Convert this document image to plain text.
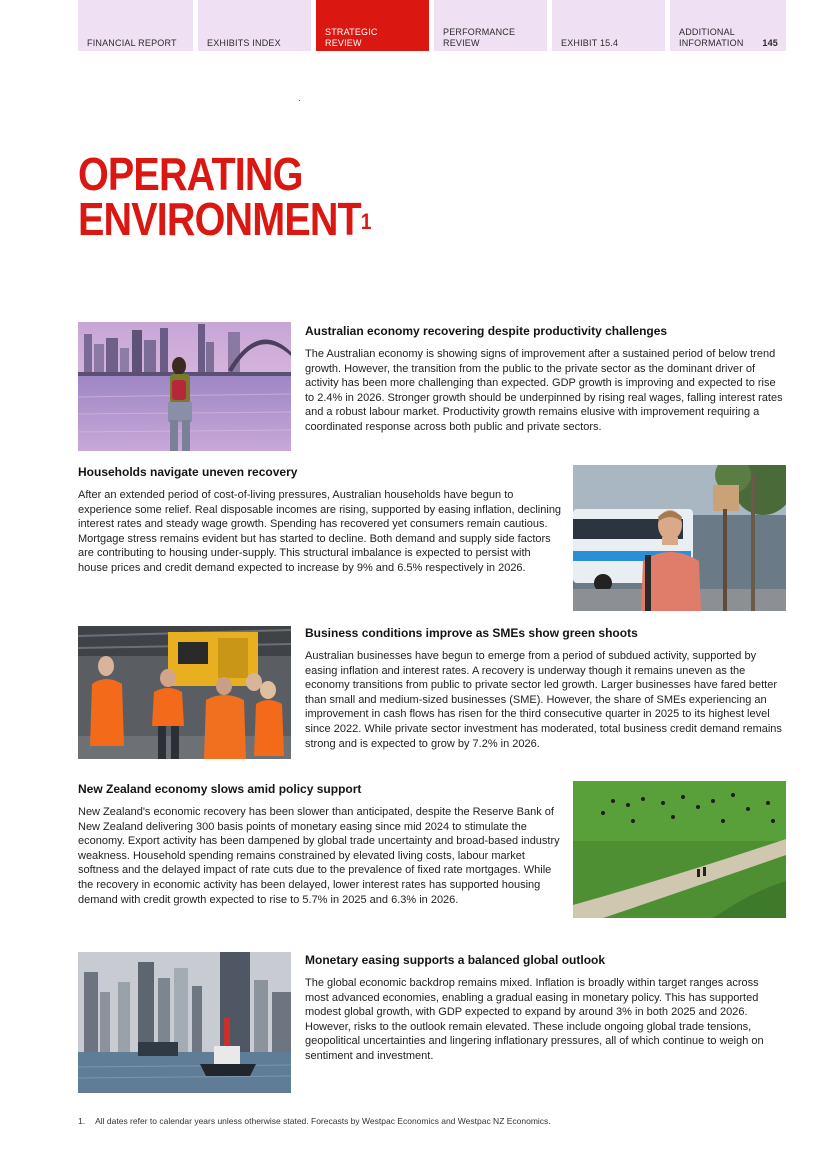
FINANCIAL REPORT	EXHIBITS INDEX
STRATEGIC REVIEW
PERFORMANCE REVIEW	EXHIBIT 15.4
ADDITIONAL INFORMATION 145
OPERATING
ENVIRONMENT$^1$
Australian economy recovering despite productivity challenges

The Australian economy is showing signs of improvement after a sustained period of below trend growth. However, the transition from the public to the private sector as the dominant driver of activity has been more challenging than expected. GDP growth is improving and expected to rise to 2.4% in 2026. Stronger growth should be underpinned by rising real wages, falling interest rates and a robust labour market. Productivity growth remains elusive with improvement requiring a coordinated response across both public and private sectors.

Households navigate uneven recovery

After an extended period of cost-of-living pressures, Australian households have begun to experience some relief. Real disposable incomes are rising, supported by easing inflation, declining interest rates and steady wage growth. Spending has recovered yet consumers remain cautious. Mortgage stress remains evident but has started to decline. Both demand and supply side factors are contributing to housing under-supply. This structural imbalance is expected to persist with house prices and credit demand expected to increase by 9% and 6.5% respectively in 2026.

Business conditions improve as SMEs show green shoots

Australian businesses have begun to emerge from a period of subdued activity, supported by easing inflation and interest rates. A recovery is underway though it remains uneven as the economy transitions from public to private sector led growth. Larger businesses have fared better than small and medium-sized businesses (SME). However, the share of SMEs experiencing an improvement in cash flows has risen for the third consecutive quarter in 2025 to its highest level since 2022. While private sector investment has moderated, total business credit demand remains strong and is expected to grow by 7.2% in 2026.

New Zealand economy slows amid policy support

New Zealand's economic recovery has been slower than anticipated, despite the Reserve Bank of New Zealand delivering 300 basis points of monetary easing since mid 2024 to stimulate the economy. Export activity has been dampened by global trade uncertainty and broad-based industry weakness. Household spending remains constrained by elevated living costs, labour market softness and the delayed impact of rate cuts due to the prevalence of fixed rate mortgages. While the recovery in economic activity has been delayed, lower interest rates has supported housing demand with credit growth expected to rise to 5.7% in 2025 and 6.3% in 2026.

Monetary easing supports a balanced global outlook

The global economic backdrop remains mixed. Inflation is broadly within target ranges across most advanced economies, enabling a gradual easing in monetary policy. This has supported modest global growth, with GDP expected to expand by around 3% in both 2025 and 2026. However, risks to the outlook remain elevated. These include ongoing global trade tensions, geopolitical uncertainties and lingering inflationary pressures, all of which continue to weigh on sentiment and investment.

1. All dates refer to calendar years unless otherwise stated. Forecasts by Westpac Economics and Westpac NZ Economics.
